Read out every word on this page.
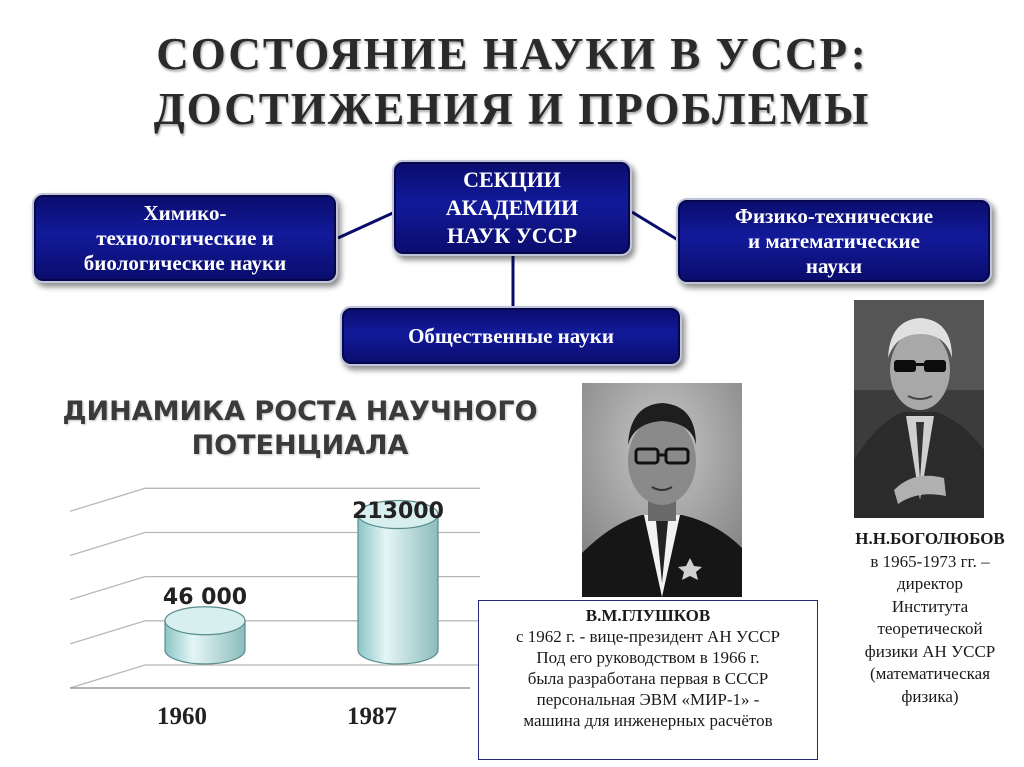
СОСТОЯНИЕ НАУКИ В УССР:
ДОСТИЖЕНИЯ И ПРОБЛЕМЫ
СЕКЦИИ
АКАДЕМИИ
НАУК УССР
Химико-
технологические и
биологические науки
Физико-технические
и математические
науки
Общественные науки
ДИНАМИКА РОСТА НАУЧНОГО
ПОТЕНЦИАЛА
46 000
1960
213000
1987
В.М.ГЛУШКОВ
с 1962 г. - вице-президент АН УССР
Под его руководством в 1966 г.
была разработана первая в СССР
персональная ЭВМ «МИР-1» -
машина для инженерных расчётов
Н.Н.БОГОЛЮБОВ
в 1965-1973 гг. –
директор
Института
теоретической
физики АН УССР
(математическая
физика)
